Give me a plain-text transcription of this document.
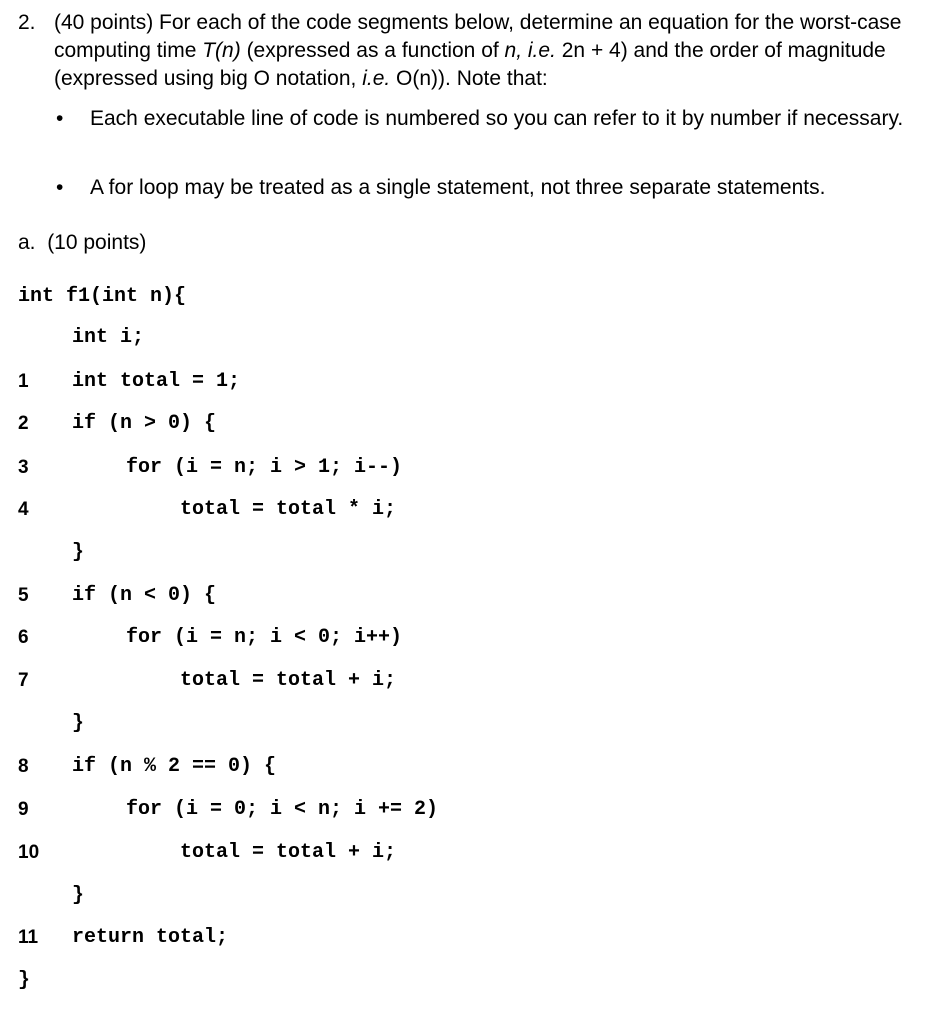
2. (40 points) For each of the code segments below, determine an equation for the worst-case computing time T(n) (expressed as a function of n, i.e. 2n + 4) and the order of magnitude (expressed using big O notation, i.e. O(n)). Note that:
• Each executable line of code is numbered so you can refer to it by number if necessary.
• A for loop may be treated as a single statement, not three separate statements.
a. (10 points)
int f1(int n){
int i;
1 int total = 1;
2 if (n > 0) {
3	for (i = n; i > 1; i--)
4	total = total * i;
}
5 if (n < 0) {
6	for (i = n; i < 0; i++)
7	total = total + i;
}
8 if (n % 2 == 0) {
9	for (i = 0; i < n; i += 2)
10	total = total + i;
}
11 return total;
}
